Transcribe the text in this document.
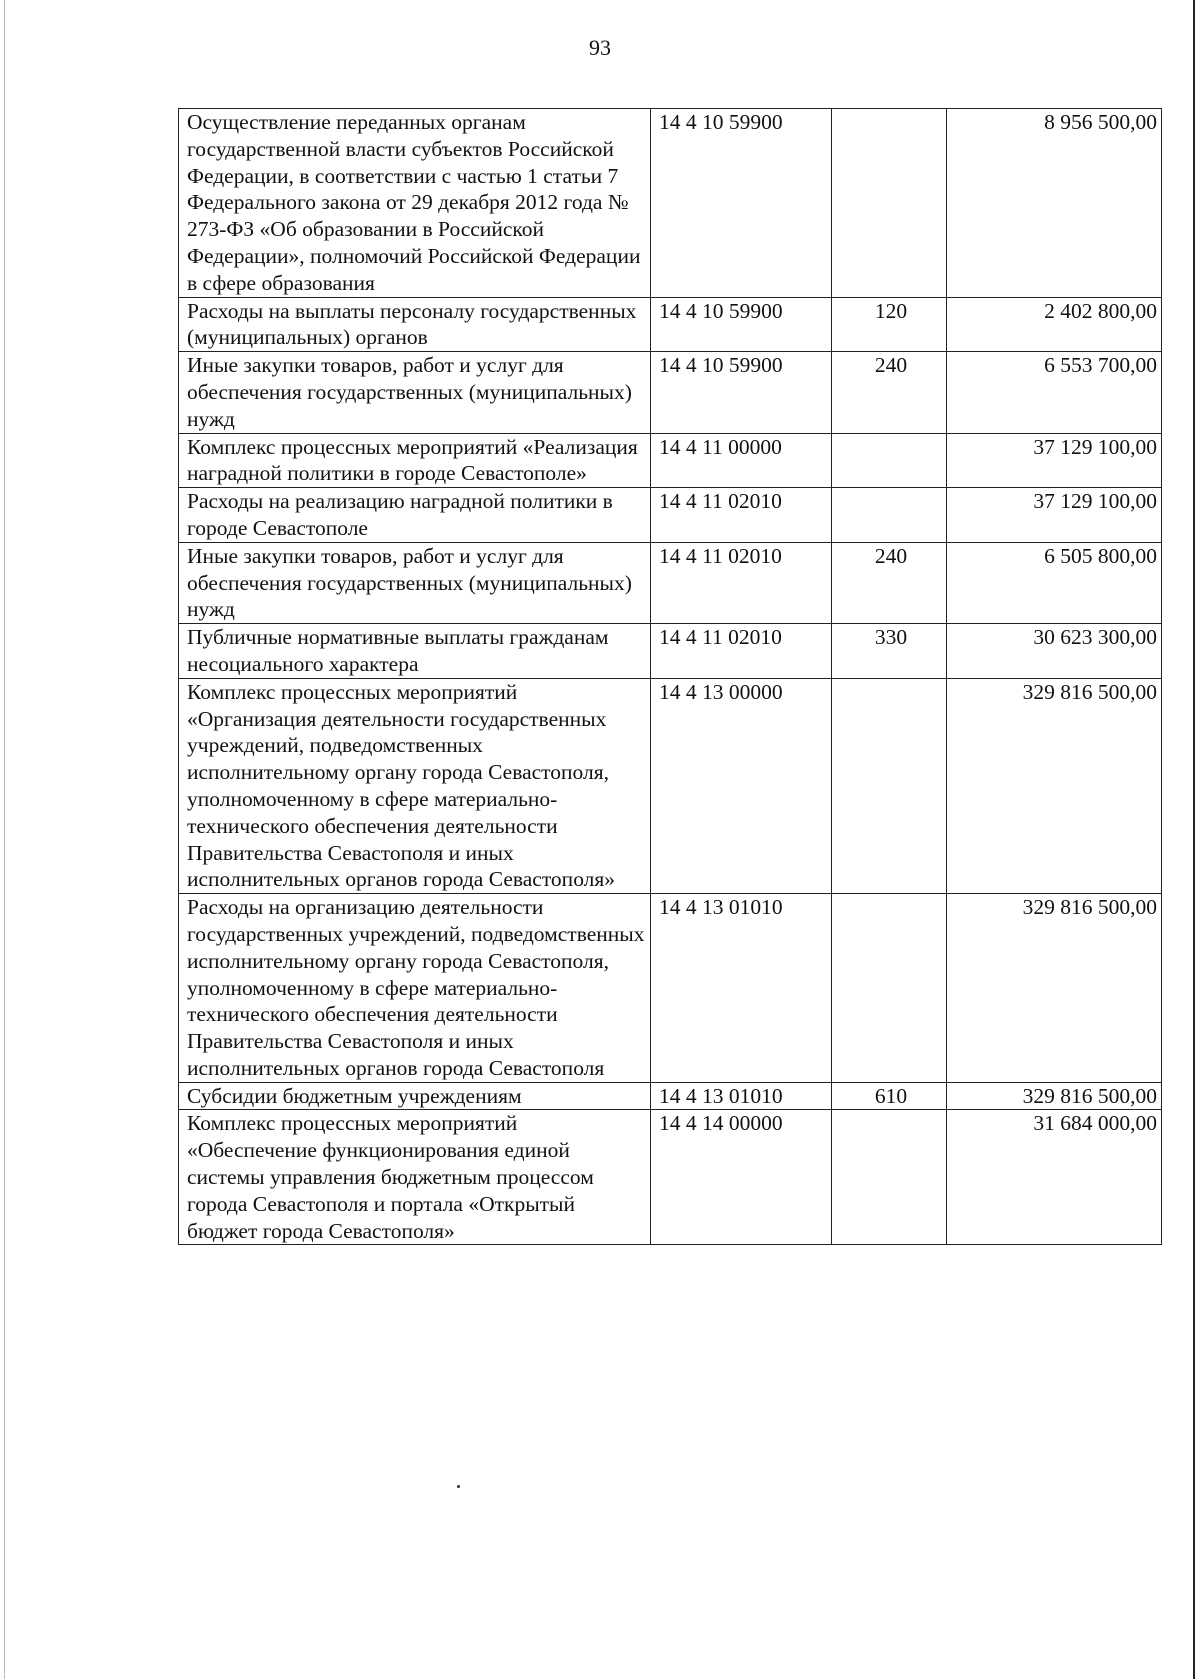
93
Осуществление переданных органам государственной власти субъектов Российской Федерации, в соответствии с частью 1 статьи 7 Федерального закона от 29 декабря 2012 года № 273-ФЗ «Об образовании в Российской Федерации», полномочий Российской Федерации в сфере образования	14 4 10 59900		8 956 500,00
Расходы на выплаты персоналу государственных (муниципальных) органов	14 4 10 59900	120	2 402 800,00
Иные закупки товаров, работ и услуг для обеспечения государственных (муниципальных) нужд	14 4 10 59900	240	6 553 700,00
Комплекс процессных мероприятий «Реализация наградной политики в городе Севастополе»	14 4 11 00000		37 129 100,00
Расходы на реализацию наградной политики в городе Севастополе	14 4 11 02010		37 129 100,00
Иные закупки товаров, работ и услуг для обеспечения государственных (муниципальных) нужд	14 4 11 02010	240	6 505 800,00
Публичные нормативные выплаты гражданам несоциального характера	14 4 11 02010	330	30 623 300,00
Комплекс процессных мероприятий «Организация деятельности государственных учреждений, подведомственных исполнительному органу города Севастополя, уполномоченному в сфере материально-технического обеспечения деятельности Правительства Севастополя и иных исполнительных органов города Севастополя»	14 4 13 00000		329 816 500,00
Расходы на организацию деятельности государственных учреждений, подведомственных исполнительному органу города Севастополя, уполномоченному в сфере материально-технического обеспечения деятельности Правительства Севастополя и иных исполнительных органов города Севастополя	14 4 13 01010		329 816 500,00
Субсидии бюджетным учреждениям	14 4 13 01010	610	329 816 500,00
Комплекс процессных мероприятий «Обеспечение функционирования единой системы управления бюджетным процессом города Севастополя и портала «Открытый бюджет города Севастополя»	14 4 14 00000		31 684 000,00
